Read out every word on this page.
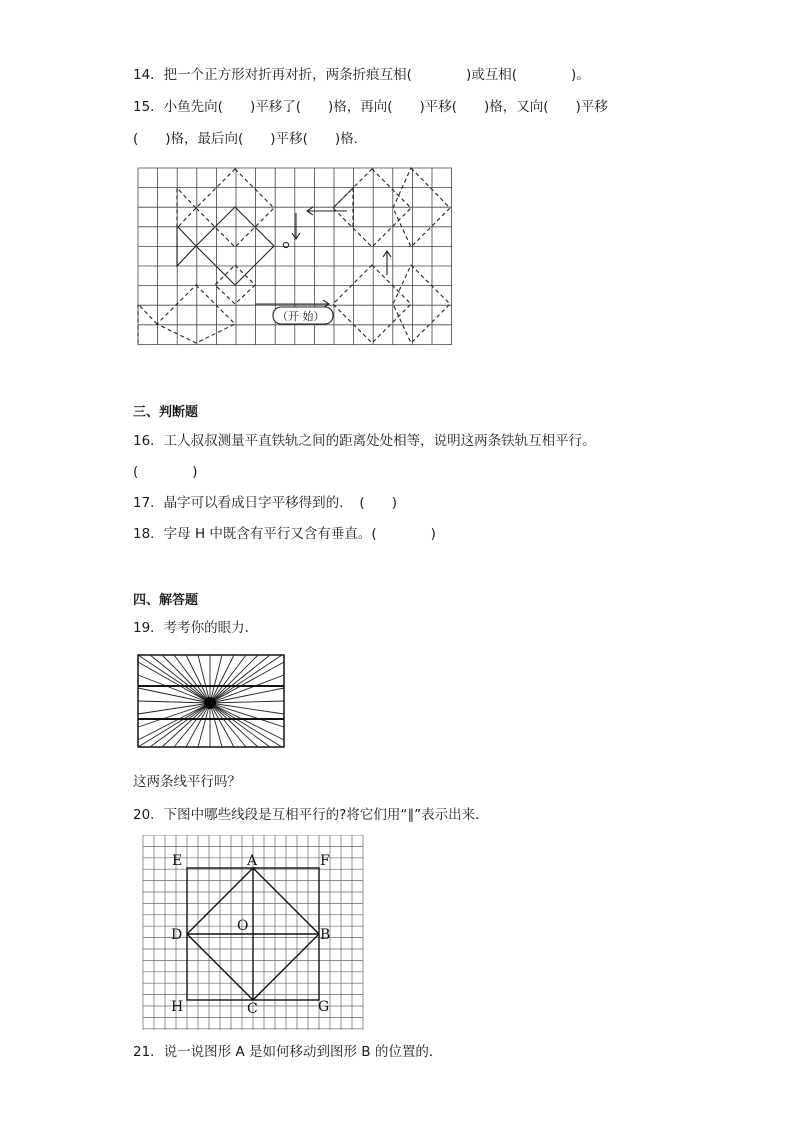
14．把一个正方形对折再对折，两条折痕互相(　　　　)或互相(　　　　)。
15．小鱼先向(　　)平移了(　　)格，再向(　　)平移(　　)格，又向(　　)平移
(　　)格，最后向(　　)平移(　　)格．
（开 始）
三、判断题
16．工人叔叔测量平直铁轨之间的距离处处相等，说明这两条铁轨互相平行。
(　　　　)
17．晶字可以看成日字平移得到的．　(　　)
18．字母 H 中既含有平行又含有垂直。(　　　　)
四、解答题
19．考考你的眼力．
这两条线平行吗？
20．下图中哪些线段是互相平行的?将它们用“∥”表示出来．
E	A	F
O
D	B
H	C	G
21．说一说图形 A 是如何移动到图形 B 的位置的．
